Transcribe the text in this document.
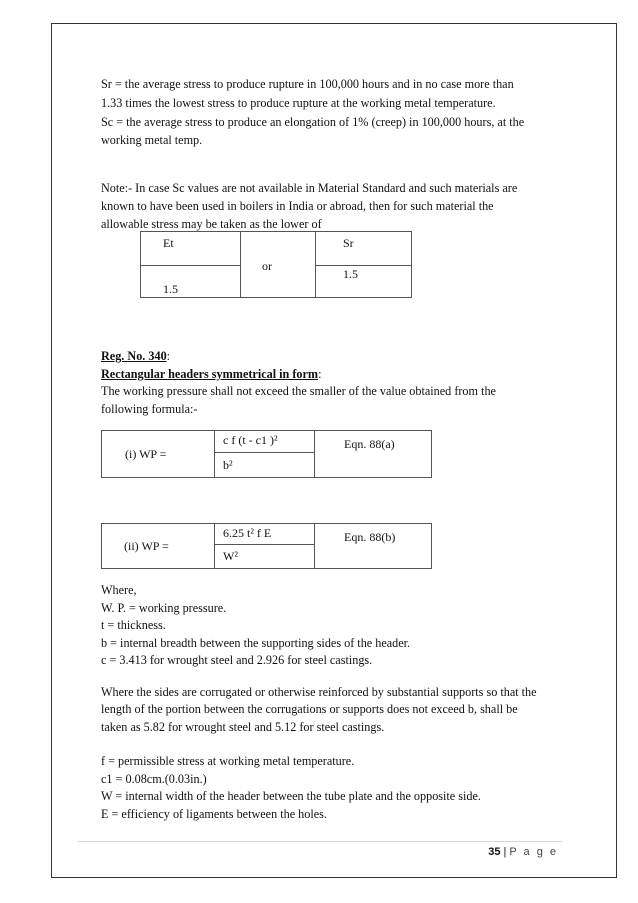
Sr = the average stress to produce rupture in 100,000 hours and in no case more than
1.33 times the lowest stress to produce rupture at the working metal temperature.
Sc = the average stress to produce an elongation of 1% (creep) in 100,000 hours, at the
working metal temp.
Note:- In case Sc values are not available in Material Standard and such materials are
known to have been used in boilers in India or abroad, then for such material the
allowable stress may be taken as the lower of

Et
1.5
or
Sr
1.5
Reg. No. 340:
Rectangular headers symmetrical in form:
The working pressure shall not exceed the smaller of the value obtained from the
following formula:-

(i) WP =
c f (t - c1 )²
b²
Eqn. 88(a)

(ii) WP =
6.25 t² f E
W²
Eqn. 88(b)
Where,
W. P. = working pressure.
t = thickness.
b = internal breadth between the supporting sides of the header.
c = 3.413 for wrought steel and 2.926 for steel castings.
Where the sides are corrugated or otherwise reinforced by substantial supports so that the
length of the portion between the corrugations or supports does not exceed b, shall be
taken as 5.82 for wrought steel and 5.12 for steel castings.
f = permissible stress at working metal temperature.
c1 = 0.08cm.(0.03in.)
W = internal width of the header between the tube plate and the opposite side.
E = efficiency of ligaments between the holes.
35 | P a g e
